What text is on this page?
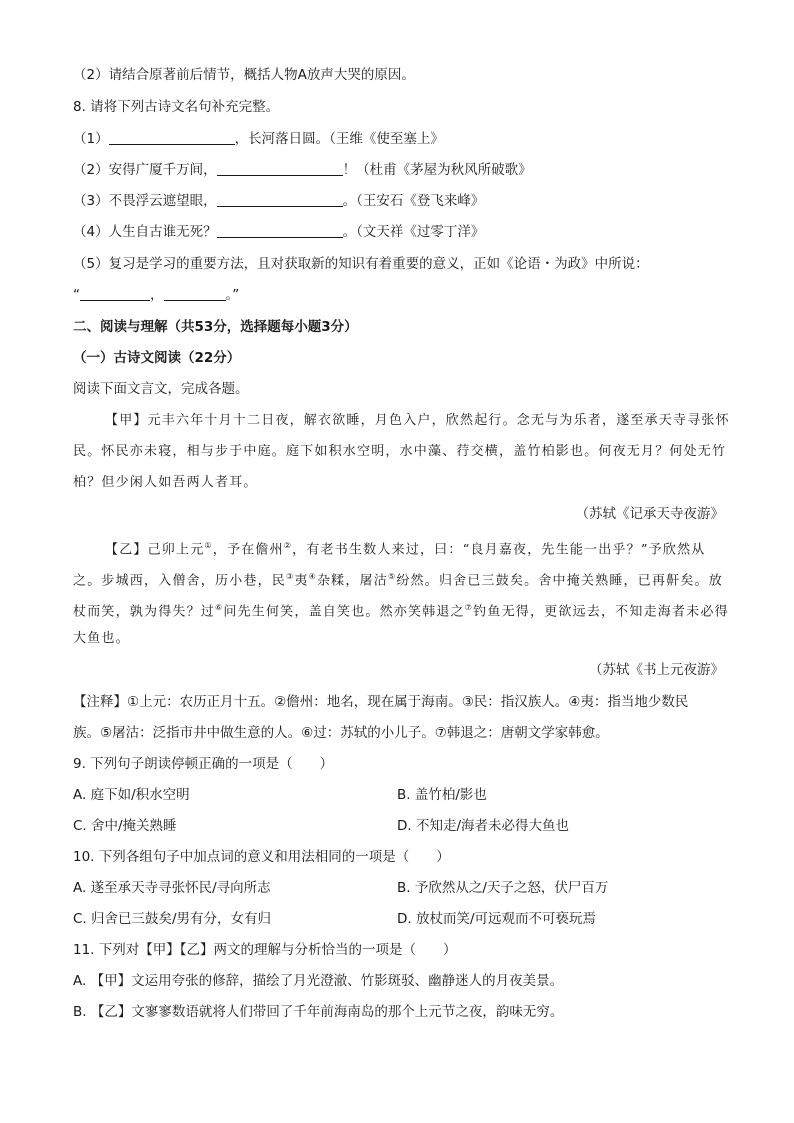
（2）请结合原著前后情节，概括人物A放声大哭的原因。
8. 请将下列古诗文名句补充完整。
（1）	，长河落日圆。（王维《使至塞上》
（2）安得广厦千万间，	！（杜甫《茅屋为秋风所破歌》
（3）不畏浮云遮望眼，	。（王安石《登飞来峰》
（4）人生自古谁无死？	。（文天祥《过零丁洋》
（5）复习是学习的重要方法，且对获取新的知识有着重要的意义，正如《论语・为政》中所说：
“	，	。”
二、阅读与理解（共53分，选择题每小题3分）
（一）古诗文阅读（22分）
阅读下面文言文，完成各题。
【甲】元丰六年十月十二日夜，解衣欲睡，月色入户，欣然起行。念无与为乐者，遂至承天寺寻张怀
民。怀民亦未寝，相与步于中庭。庭下如积水空明，水中藻、荇交横，盖竹柏影也。何夜无月？何处无竹
柏？但少闲人如吾两人者耳。
（苏轼《记承天寺夜游》
【乙】己卯上元①，予在儋州②，有老书生数人来过，曰：“良月嘉夜，先生能一出乎？”予欣然从
之。步城西，入僧舍，历小巷，民③夷④杂糅，屠沽⑤纷然。归舍已三鼓矣。舍中掩关熟睡，已再鼾矣。放
杖而笑，孰为得失？过⑥问先生何笑，盖自笑也。然亦笑韩退之⑦钓鱼无得，更欲远去，不知走海者未必得
大鱼也。
（苏轼《书上元夜游》
【注释】①上元：农历正月十五。②儋州：地名，现在属于海南。③民：指汉族人。④夷：指当地少数民
族。⑤屠沽：泛指市井中做生意的人。⑥过：苏轼的小儿子。⑦韩退之：唐朝文学家韩愈。
9. 下列句子朗读停顿正确的一项是（　　）
A. 庭下如/积水空明	B. 盖竹柏/影也
C. 舍中/掩关熟睡	D. 不知走/海者未必得大鱼也
10. 下列各组句子中加点词的意义和用法相同的一项是（　　）
A. 遂至承天寺寻张怀民/寻向所志	B. 予欣然从之/天子之怒，伏尸百万
C. 归舍已三鼓矣/男有分，女有归	D. 放杖而笑/可远观而不可亵玩焉
11. 下列对【甲】【乙】两文的理解与分析恰当的一项是（　　）
A. 【甲】文运用夸张的修辞，描绘了月光澄澈、竹影斑驳、幽静迷人的月夜美景。
B. 【乙】文寥寥数语就将人们带回了千年前海南岛的那个上元节之夜，韵味无穷。
